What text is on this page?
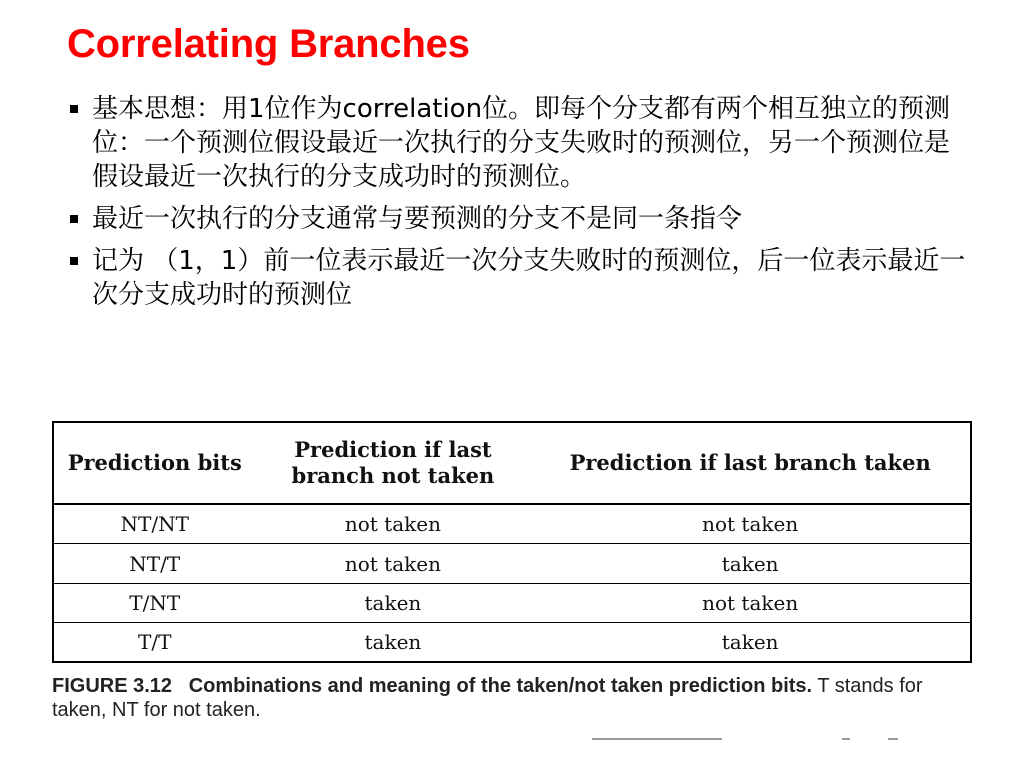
Correlating Branches
基本思想：用1位作为correlation位。即每个分支都有两个相互独立的预测位：一个预测位假设最近一次执行的分支失败时的预测位，另一个预测位是假设最近一次执行的分支成功时的预测位。
最近一次执行的分支通常与要预测的分支不是同一条指令
记为 （1，1）前一位表示最近一次分支失败时的预测位，后一位表示最近一次分支成功时的预测位
Prediction bits	Prediction if last branch not taken	Prediction if last branch taken
NT/NT	not taken	not taken
NT/T	not taken	taken
T/NT	taken	not taken
T/T	taken	taken
FIGURE 3.12 Combinations and meaning of the taken/not taken prediction bits. T stands for taken, NT for not taken.
